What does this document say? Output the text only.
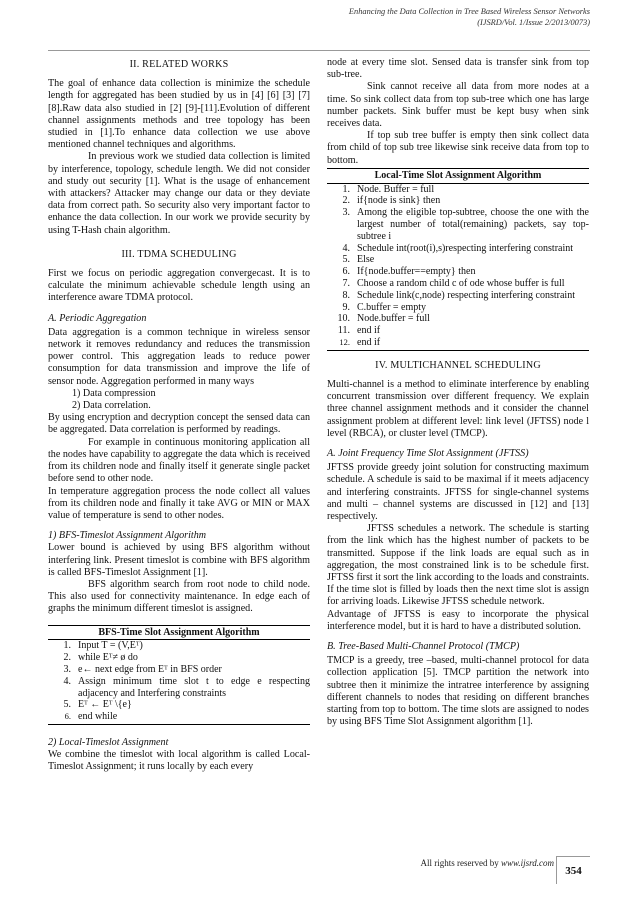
Enhancing the Data Collection in Tree Based Wireless Sensor Networks
(IJSRD/Vol. 1/Issue 2/2013/0073)
II. RELATED WORKS

The goal of enhance data collection is minimize the schedule length for aggregated has been studied by us in [4] [6] [3] [7] [8].Raw data also studied in [2] [9]-[11].Evolution of different channel assignments methods and tree topology has been studied in [1].To enhance data collection we use above mentioned channel techniques and algorithms.

In previous work we studied data collection is limited by interference, topology, schedule length. We did not consider and study out security [1]. What is the usage of enhancement with attackers? Attacker may change our data or they deviate data from correct path. So security also very important factor to enhance the data collection. In our work we provide security by using T-Hash chain algorithm.

III. TDMA SCHEDULING

First we focus on periodic aggregation convergecast. It is to calculate the minimum achievable schedule length using an interference aware TDMA protocol.

A. Periodic Aggregation

Data aggregation is a common technique in wireless sensor network it removes redundancy and reduces the transmission power control. This aggregation leads to reduce power consumption for data transmission and improve the life of sensor node. Aggregation performed in many ways

1) Data compression
2) Data correlation.

By using encryption and decryption concept the sensed data can be aggregated. Data correlation is performed by readings.

For example in continuous monitoring application all the nodes have capability to aggregate the data which is received from its children node and finally itself it generate single packet before send to other node.

In temperature aggregation process the node collect all values from its children node and finally it take AVG or MIN or MAX value of temperature is send to other nodes.

1) BFS-Timeslot Assignment Algorithm

Lower bound is achieved by using BFS algorithm without interfering link. Present timeslot is combine with BFS algorithm is called BFS-Timeslot Assignment [1].

BFS algorithm search from root node to child node. This also used for connectivity maintenance. In edge each of graphs the minimum different timeslot is assigned.

BFS-Time Slot Assignment Algorithm	
1.	Input T = (V,Eᵀ)
2.	while Eᵀ≠ ø do
3.	e← next edge from Eᵀ in BFS order
4.	Assign minimum time slot t to edge e respecting adjacency and Interfering constraints
5.	Eᵀ ← Eᵀ \{e}
6.	end while
2) Local-Timeslot Assignment

We combine the timeslot with local algorithm is called Local-Timeslot Assignment; it runs locally by each every

node at every time slot. Sensed data is transfer sink from top sub-tree.

Sink cannot receive all data from more nodes at a time. So sink collect data from top sub-tree which one has large number packets. Sink buffer must be kept busy when sink receives data.

If top sub tree buffer is empty then sink collect data from child of top sub tree likewise sink receive data from top to bottom.

Local-Time Slot Assignment Algorithm	
1.	Node. Buffer = full
2.	if{node is sink} then
3.	Among the eligible top-subtree, choose the one with the largest number of total(remaining) packets, say top-subtree i
4.	Schedule int(root(i),s)respecting interfering constraint
5.	Else
6.	If{node.buffer==empty} then
7.	Choose a random child c of ode whose buffer is full
8.	Schedule link(c,node) respecting interfering constraint
9.	C.buffer = empty
10.	Node.buffer = full
11.	end if
12.	end if
IV. MULTICHANNEL SCHEDULING

Multi-channel is a method to eliminate interference by enabling concurrent transmission over different frequency. We explain three channel assignment methods and it consider the channel assignment problem at different level: link level (JFTSS) node l level (RBCA), or cluster level (TMCP).

A. Joint Frequency Time Slot Assignment (JFTSS)

JFTSS provide greedy joint solution for constructing maximum schedule. A schedule is said to be maximal if it meets adjacency and interfering constraints. JFTSS for single-channel systems and multi – channel systems are discussed in [12] and [13] respectively.

JFTSS schedules a network. The schedule is starting from the link which has the highest number of packets to be transmitted. Suppose if the link loads are equal such as in aggregation, the most constrained link is to be schedule first. JFTSS first it sort the link according to the loads and constraints. If the time slot is filled by loads then the next time slot is assign for arriving loads. Likewise JFTSS schedule network.

Advantage of JFTSS is easy to incorporate the physical interference model, but it is hard to have a distributed solution.

B. Tree-Based Multi-Channel Protocol (TMCP)

TMCP is a greedy, tree –based, multi-channel protocol for data collection application [5]. TMCP partition the network into subtree then it minimize the intratree interference by assigning different channels to nodes that residing on different branches starting from top to bottom. The time slots are assigned to nodes by using BFS Time Slot Assignment algorithm [1].

All rights reserved by www.ijsrd.com
354
